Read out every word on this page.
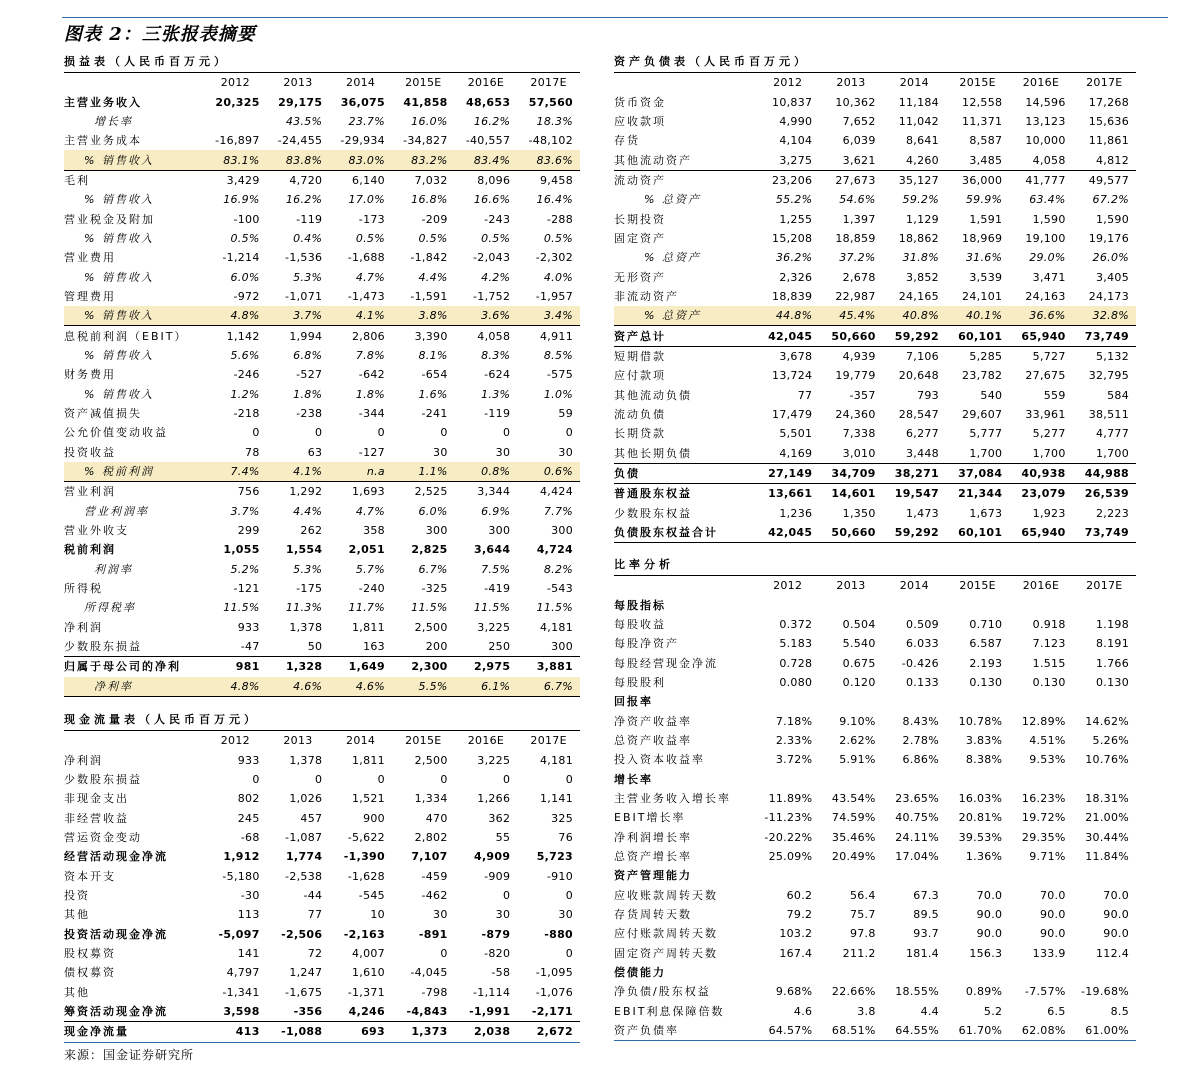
图表 2：三张报表摘要
损益表（人民币百万元）
	2012	2013	2014	2015E	2016E	2017E
主营业务收入	20,325	29,175	36,075	41,858	48,653	57,560
增长率		43.5%	23.7%	16.0%	16.2%	18.3%
主营业务成本	-16,897	-24,455	-29,934	-34,827	-40,557	-48,102
% 销售收入	83.1%	83.8%	83.0%	83.2%	83.4%	83.6%
毛利	3,429	4,720	6,140	7,032	8,096	9,458
% 销售收入	16.9%	16.2%	17.0%	16.8%	16.6%	16.4%
营业税金及附加	-100	-119	-173	-209	-243	-288
% 销售收入	0.5%	0.4%	0.5%	0.5%	0.5%	0.5%
营业费用	-1,214	-1,536	-1,688	-1,842	-2,043	-2,302
% 销售收入	6.0%	5.3%	4.7%	4.4%	4.2%	4.0%
管理费用	-972	-1,071	-1,473	-1,591	-1,752	-1,957
% 销售收入	4.8%	3.7%	4.1%	3.8%	3.6%	3.4%
息税前利润（EBIT）	1,142	1,994	2,806	3,390	4,058	4,911
% 销售收入	5.6%	6.8%	7.8%	8.1%	8.3%	8.5%
财务费用	-246	-527	-642	-654	-624	-575
% 销售收入	1.2%	1.8%	1.8%	1.6%	1.3%	1.0%
资产减值损失	-218	-238	-344	-241	-119	59
公允价值变动收益	0	0	0	0	0	0
投资收益	78	63	-127	30	30	30
% 税前利润	7.4%	4.1%	n.a	1.1%	0.8%	0.6%
营业利润	756	1,292	1,693	2,525	3,344	4,424
营业利润率	3.7%	4.4%	4.7%	6.0%	6.9%	7.7%
营业外收支	299	262	358	300	300	300
税前利润	1,055	1,554	2,051	2,825	3,644	4,724
利润率	5.2%	5.3%	5.7%	6.7%	7.5%	8.2%
所得税	-121	-175	-240	-325	-419	-543
所得税率	11.5%	11.3%	11.7%	11.5%	11.5%	11.5%
净利润	933	1,378	1,811	2,500	3,225	4,181
少数股东损益	-47	50	163	200	250	300
归属于母公司的净利	981	1,328	1,649	2,300	2,975	3,881
净利率	4.8%	4.6%	4.6%	5.5%	6.1%	6.7%
现金流量表（人民币百万元）
	2012	2013	2014	2015E	2016E	2017E
净利润	933	1,378	1,811	2,500	3,225	4,181
少数股东损益	0	0	0	0	0	0
非现金支出	802	1,026	1,521	1,334	1,266	1,141
非经营收益	245	457	900	470	362	325
营运资金变动	-68	-1,087	-5,622	2,802	55	76
经营活动现金净流	1,912	1,774	-1,390	7,107	4,909	5,723
资本开支	-5,180	-2,538	-1,628	-459	-909	-910
投资	-30	-44	-545	-462	0	0
其他	113	77	10	30	30	30
投资活动现金净流	-5,097	-2,506	-2,163	-891	-879	-880
股权募资	141	72	4,007	0	-820	0
债权募资	4,797	1,247	1,610	-4,045	-58	-1,095
其他	-1,341	-1,675	-1,371	-798	-1,114	-1,076
筹资活动现金净流	3,598	-356	4,246	-4,843	-1,991	-2,171
现金净流量	413	-1,088	693	1,373	2,038	2,672
资产负债表（人民币百万元）
	2012	2013	2014	2015E	2016E	2017E
货币资金	10,837	10,362	11,184	12,558	14,596	17,268
应收款项	4,990	7,652	11,042	11,371	13,123	15,636
存货	4,104	6,039	8,641	8,587	10,000	11,861
其他流动资产	3,275	3,621	4,260	3,485	4,058	4,812
流动资产	23,206	27,673	35,127	36,000	41,777	49,577
% 总资产	55.2%	54.6%	59.2%	59.9%	63.4%	67.2%
长期投资	1,255	1,397	1,129	1,591	1,590	1,590
固定资产	15,208	18,859	18,862	18,969	19,100	19,176
% 总资产	36.2%	37.2%	31.8%	31.6%	29.0%	26.0%
无形资产	2,326	2,678	3,852	3,539	3,471	3,405
非流动资产	18,839	22,987	24,165	24,101	24,163	24,173
% 总资产	44.8%	45.4%	40.8%	40.1%	36.6%	32.8%
资产总计	42,045	50,660	59,292	60,101	65,940	73,749
短期借款	3,678	4,939	7,106	5,285	5,727	5,132
应付款项	13,724	19,779	20,648	23,782	27,675	32,795
其他流动负债	77	-357	793	540	559	584
流动负债	17,479	24,360	28,547	29,607	33,961	38,511
长期贷款	5,501	7,338	6,277	5,777	5,277	4,777
其他长期负债	4,169	3,010	3,448	1,700	1,700	1,700
负债	27,149	34,709	38,271	37,084	40,938	44,988
普通股东权益	13,661	14,601	19,547	21,344	23,079	26,539
少数股东权益	1,236	1,350	1,473	1,673	1,923	2,223
负债股东权益合计	42,045	50,660	59,292	60,101	65,940	73,749
比率分析
	2012	2013	2014	2015E	2016E	2017E
每股指标						
每股收益	0.372	0.504	0.509	0.710	0.918	1.198
每股净资产	5.183	5.540	6.033	6.587	7.123	8.191
每股经营现金净流	0.728	0.675	-0.426	2.193	1.515	1.766
每股股利	0.080	0.120	0.133	0.130	0.130	0.130
回报率						
净资产收益率	7.18%	9.10%	8.43%	10.78%	12.89%	14.62%
总资产收益率	2.33%	2.62%	2.78%	3.83%	4.51%	5.26%
投入资本收益率	3.72%	5.91%	6.86%	8.38%	9.53%	10.76%
增长率						
主营业务收入增长率	11.89%	43.54%	23.65%	16.03%	16.23%	18.31%
EBIT增长率	-11.23%	74.59%	40.75%	20.81%	19.72%	21.00%
净利润增长率	-20.22%	35.46%	24.11%	39.53%	29.35%	30.44%
总资产增长率	25.09%	20.49%	17.04%	1.36%	9.71%	11.84%
资产管理能力						
应收账款周转天数	60.2	56.4	67.3	70.0	70.0	70.0
存货周转天数	79.2	75.7	89.5	90.0	90.0	90.0
应付账款周转天数	103.2	97.8	93.7	90.0	90.0	90.0
固定资产周转天数	167.4	211.2	181.4	156.3	133.9	112.4
偿债能力						
净负债/股东权益	9.68%	22.66%	18.55%	0.89%	-7.57%	-19.68%
EBIT利息保障倍数	4.6	3.8	4.4	5.2	6.5	8.5
资产负债率	64.57%	68.51%	64.55%	61.70%	62.08%	61.00%
来源：国金证券研究所
